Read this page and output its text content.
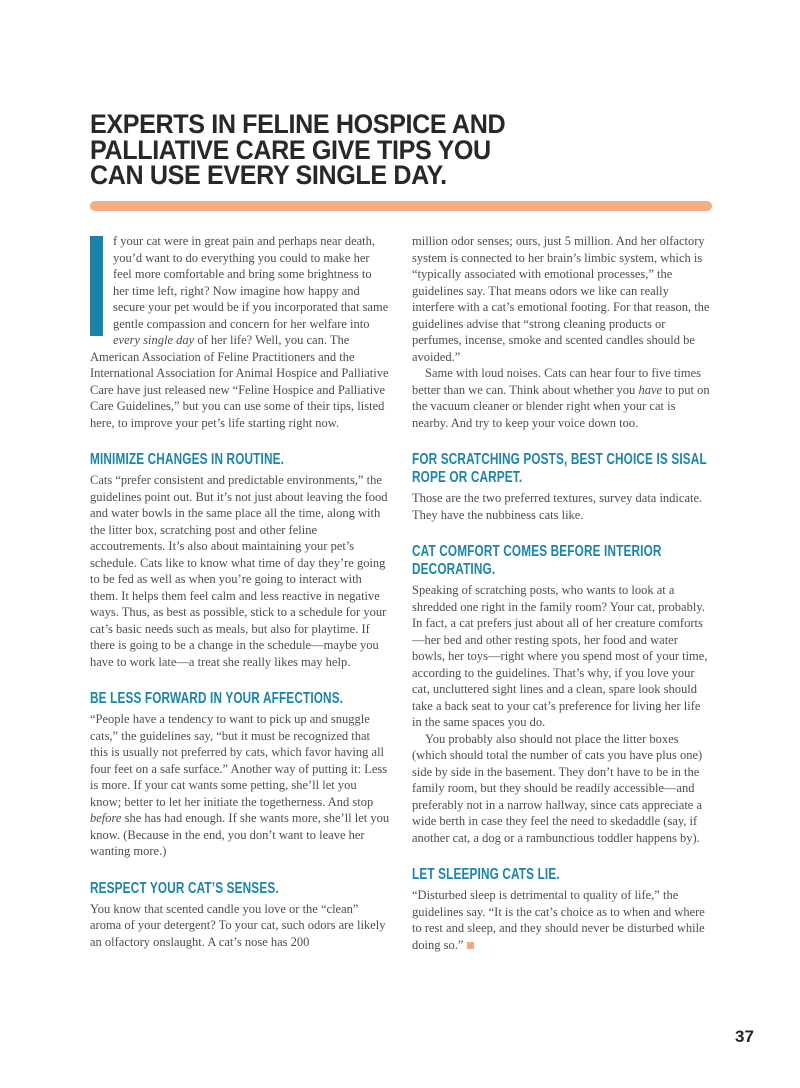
EXPERTS IN FELINE HOSPICE AND
PALLIATIVE CARE GIVE TIPS YOU
CAN USE EVERY SINGLE DAY.

f your cat were in great pain and perhaps near death, you’d want to do everything you could to make her feel more comfortable and bring some brightness to her time left, right? Now imagine how happy and secure your pet would be if you incorporated that same gentle compassion and concern for her welfare into every single day of her life? Well, you can. The American Association of Feline Practitioners and the International Association for Animal Hospice and Palliative Care have just released new “Feline Hospice and Palliative Care Guidelines,” but you can use some of their tips, listed here, to improve your pet’s life starting right now.

MINIMIZE CHANGES IN ROUTINE.

Cats “prefer consistent and predictable environments,” the guidelines point out. But it’s not just about leaving the food and water bowls in the same place all the time, along with the litter box, scratching post and other feline accoutrements. It’s also about maintaining your pet’s schedule. Cats like to know what time of day they’re going to be fed as well as when you’re going to interact with them. It helps them feel calm and less reactive in negative ways. Thus, as best as possible, stick to a schedule for your cat’s basic needs such as meals, but also for playtime. If there is going to be a change in the schedule—maybe you have to work late—a treat she really likes may help.

BE LESS FORWARD IN YOUR AFFECTIONS.

“People have a tendency to want to pick up and snuggle cats,” the guidelines say, “but it must be recognized that this is usually not preferred by cats, which favor having all four feet on a safe surface.” Another way of putting it: Less is more. If your cat wants some petting, she’ll let you know; better to let her initiate the togetherness. And stop before she has had enough. If she wants more, she’ll let you know. (Because in the end, you don’t want to leave her wanting more.)

RESPECT YOUR CAT’S SENSES.

You know that scented candle you love or the “clean” aroma of your detergent? To your cat, such odors are likely an olfactory onslaught. A cat’s nose has 200

million odor senses; ours, just 5 million. And her olfactory system is connected to her brain’s limbic system, which is “typically associated with emotional processes,” the guidelines say. That means odors we like can really interfere with a cat’s emotional footing. For that reason, the guidelines advise that “strong cleaning products or perfumes, incense, smoke and scented candles should be avoided.”

Same with loud noises. Cats can hear four to five times better than we can. Think about whether you have to put on the vacuum cleaner or blender right when your cat is nearby. And try to keep your voice down too.

FOR SCRATCHING POSTS, BEST CHOICE IS SISAL
ROPE OR CARPET.

Those are the two preferred textures, survey data indicate. They have the nubbiness cats like.

CAT COMFORT COMES BEFORE INTERIOR
DECORATING.

Speaking of scratching posts, who wants to look at a shredded one right in the family room? Your cat, probably. In fact, a cat prefers just about all of her creature comforts—her bed and other resting spots, her food and water bowls, her toys—right where you spend most of your time, according to the guidelines. That’s why, if you love your cat, uncluttered sight lines and a clean, spare look should take a back seat to your cat’s preference for living her life in the same spaces you do.

You probably also should not place the litter boxes (which should total the number of cats you have plus one) side by side in the basement. They don’t have to be in the family room, but they should be readily accessible—and preferably not in a narrow hallway, since cats appreciate a wide berth in case they feel the need to skedaddle (say, if another cat, a dog or a rambunctious toddler happens by).

LET SLEEPING CATS LIE.

“Disturbed sleep is detrimental to quality of life,” the guidelines say. “It is the cat’s choice as to when and where to rest and sleep, and they should never be disturbed while doing so.”

37
